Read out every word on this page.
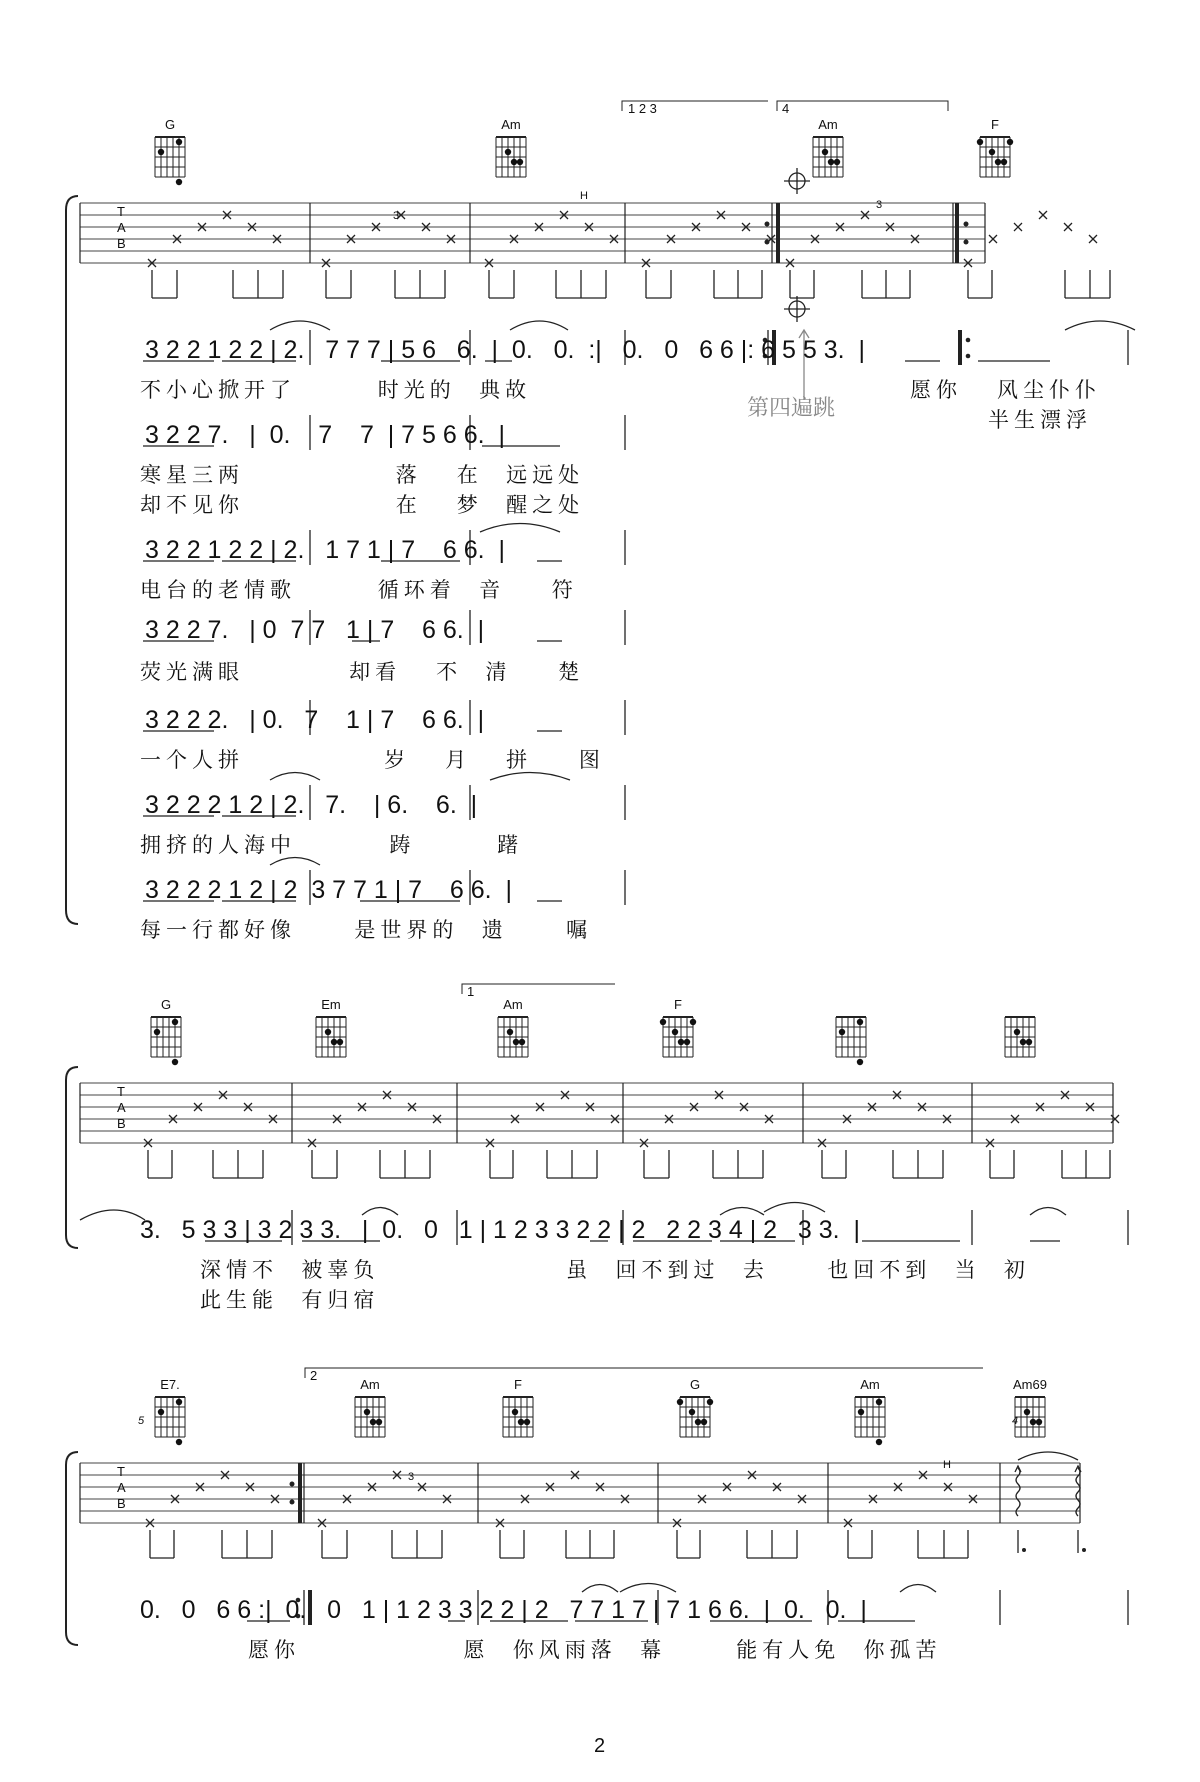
G	Am	Am	F
G	Em	Am	F
E7.	Am	F	G	Am	Am69
T
A
B
T
A
B
T
A
B
1 2 3	4
1
2
H
H
3
3
3
第四遍跳
3 2 2 1 2 2 | 2.   7 7 7 | 5 6   6.  |  0.   0.  :|   0.   0   6 6 |: 6 5 5 3.  |
不小心掀开了       时光的  典故	愿你   风尘仆仆
半生漂浮
3 2 2 7.   |  0.    7    7  | 7 5 6 6.  |
寒星三两             落   在  远远处
却不见你             在   梦  醒之处
3 2 2 1 2 2 | 2.   1 7 1 | 7    6 6.  |
电台的老情歌       循环着  音    符
3 2 2 7.   | 0  7 7   1 | 7    6 6.  |
荧光满眼         却看   不  清    楚
3 2 2 2.   | 0.   7    1 | 7    6 6.  |
一个人拼            岁   月   拼    图
3 2 2 2 1 2 | 2.   7.    | 6.    6.  |
拥挤的人海中        踌       躇
3 2 2 2 1 2 | 2  3 7 7 1 | 7    6 6.  |
每一行都好像     是世界的  遗     嘱
3.   5 3 3 | 3 2 3 3.   |  0.   0   1 | 1 2 3 3 2 2 | 2   2 2 3 4 | 2   3 3.  |
深情不  被辜负                虽  回不到过  去     也回不到  当  初
此生能  有归宿
0.   0   6 6 :|  0.   0   1 | 1 2 3 3 2 2 | 2   7 7 1 7 | 7 1 6 6.  |  0.   0.  |
愿你              愿  你风雨落  幕      能有人免  你孤苦
5	4
2
